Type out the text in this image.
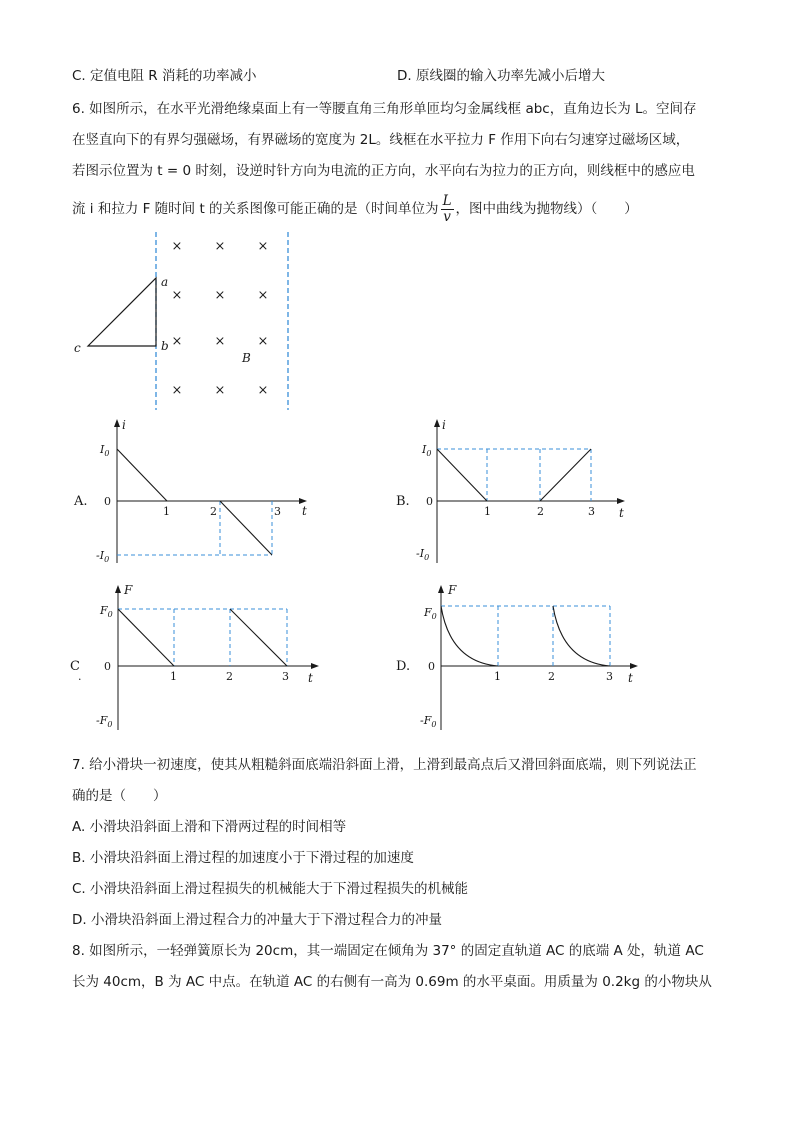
C. 定值电阻 R 消耗的功率减小	D. 原线圈的输入功率先减小后增大
6. 如图所示，在水平光滑绝缘桌面上有一等腰直角三角形单匝均匀金属线框 abc，直角边长为 L。空间存
在竖直向下的有界匀强磁场，有界磁场的宽度为 2L。线框在水平拉力 F 作用下向右匀速穿过磁场区域，
若图示位置为 t = 0 时刻，设逆时针方向为电流的正方向，水平向右为拉力的正方向，则线框中的感应电
流 i 和拉力 F 随时间 t 的关系图像可能正确的是（时间单位为 $\frac{L}{v}$ ，图中曲线为抛物线）（　　）
× × ×
× × ×
× × ×
× × ×
a
b
c
B
A.
i
t
$I_0$
$-I_0$
0
1	2	3
B.
i
t
$I_0$
$-I_0$
0
1	2	3
C
.
F
t
$F_0$
$-F_0$
0
1	2	3
D.
F
t
$F_0$
$-F_0$
0
1	2	3
7. 给小滑块一初速度，使其从粗糙斜面底端沿斜面上滑，上滑到最高点后又滑回斜面底端，则下列说法正
确的是（　　）
A. 小滑块沿斜面上滑和下滑两过程的时间相等
B. 小滑块沿斜面上滑过程的加速度小于下滑过程的加速度
C. 小滑块沿斜面上滑过程损失的机械能大于下滑过程损失的机械能
D. 小滑块沿斜面上滑过程合力的冲量大于下滑过程合力的冲量
8. 如图所示，一轻弹簧原长为 20cm，其一端固定在倾角为 37° 的固定直轨道 AC 的底端 A 处，轨道 AC
长为 40cm，B 为 AC 中点。在轨道 AC 的右侧有一高为 0.69m 的水平桌面。用质量为 0.2kg 的小物块从
